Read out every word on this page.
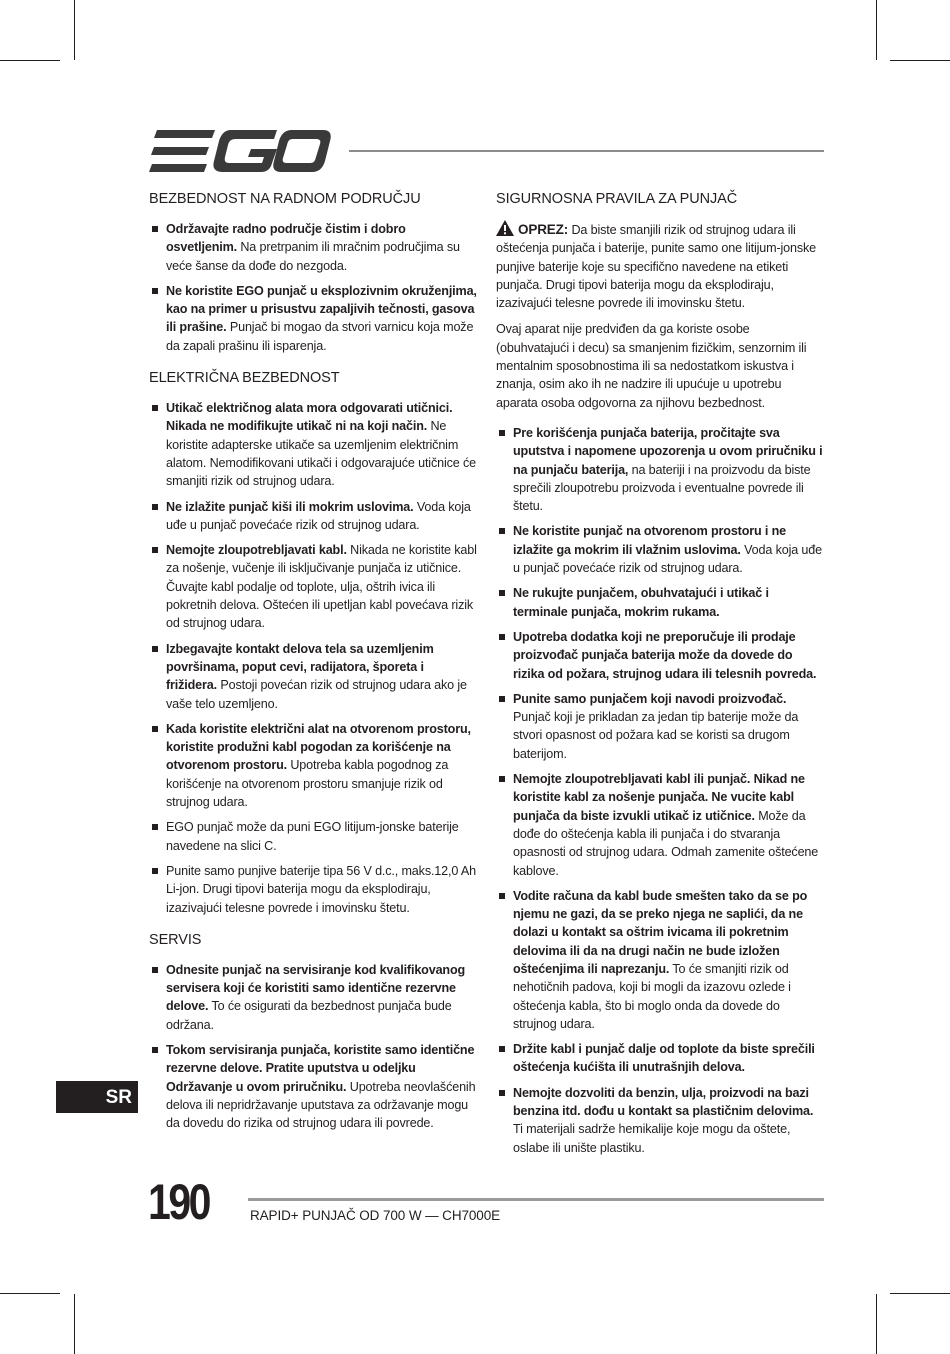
BEZBEDNOST NA RADNOM PODRUČJU
Održavajte radno područje čistim i dobro osvetljenim. Na pretrpanim ili mračnim područjima su veće šanse da dođe do nezgoda.
Ne koristite EGO punjač u eksplozivnim okruženjima, kao na primer u prisustvu zapaljivih tečnosti, gasova ili prašine. Punjač bi mogao da stvori varnicu koja može da zapali prašinu ili isparenja.
ELEKTRIČNA BEZBEDNOST
Utikač električnog alata mora odgovarati utičnici. Nikada ne modifikujte utikač ni na koji način. Ne koristite adapterske utikače sa uzemljenim električnim alatom. Nemodifikovani utikači i odgovarajuće utičnice će smanjiti rizik od strujnog udara.
Ne izlažite punjač kiši ili mokrim uslovima. Voda koja uđe u punjač povećaće rizik od strujnog udara.
Nemojte zloupotrebljavati kabl. Nikada ne koristite kabl za nošenje, vučenje ili isključivanje punjača iz utičnice. Čuvajte kabl podalje od toplote, ulja, oštrih ivica ili pokretnih delova. Oštećen ili upetljan kabl povećava rizik od strujnog udara.
Izbegavajte kontakt delova tela sa uzemljenim površinama, poput cevi, radijatora, šporeta i frižidera. Postoji povećan rizik od strujnog udara ako je vaše telo uzemljeno.
Kada koristite električni alat na otvorenom prostoru, koristite produžni kabl pogodan za korišćenje na otvorenom prostoru. Upotreba kabla pogodnog za korišćenje na otvorenom prostoru smanjuje rizik od strujnog udara.
EGO punjač može da puni EGO litijum-jonske baterije navedene na slici C.
Punite samo punjive baterije tipa 56 V d.c., maks.12,0 Ah Li-jon. Drugi tipovi baterija mogu da eksplodiraju, izazivajući telesne povrede i imovinsku štetu.
SERVIS
Odnesite punjač na servisiranje kod kvalifikovanog servisera koji će koristiti samo identične rezervne delove. To će osigurati da bezbednost punjača bude održana.
Tokom servisiranja punjača, koristite samo identične rezervne delove. Pratite uputstva u odeljku Održavanje u ovom priručniku. Upotreba neovlašćenih delova ili nepridržavanje uputstava za održavanje mogu da dovedu do rizika od strujnog udara ili povrede.
SIGURNOSNA PRAVILA ZA PUNJAČ

OPREZ: Da biste smanjili rizik od strujnog udara ili oštećenja punjača i baterije, punite samo one litijum-jonske punjive baterije koje su specifično navedene na etiketi punjača. Drugi tipovi baterija mogu da eksplodiraju, izazivajući telesne povrede ili imovinsku štetu.

Ovaj aparat nije predviđen da ga koriste osobe (obuhvatajući i decu) sa smanjenim fizičkim, senzornim ili mentalnim sposobnostima ili sa nedostatkom iskustva i znanja, osim ako ih ne nadzire ili upućuje u upotrebu aparata osoba odgovorna za njihovu bezbednost.

Pre korišćenja punjača baterija, pročitajte sva uputstva i napomene upozorenja u ovom priručniku i na punjaču baterija, na bateriji i na proizvodu da biste sprečili zloupotrebu proizvoda i eventualne povrede ili štetu.
Ne koristite punjač na otvorenom prostoru i ne izlažite ga mokrim ili vlažnim uslovima. Voda koja uđe u punjač povećaće rizik od strujnog udara.
Ne rukujte punjačem, obuhvatajući i utikač i terminale punjača, mokrim rukama.
Upotreba dodatka koji ne preporučuje ili prodaje proizvođač punjača baterija može da dovede do rizika od požara, strujnog udara ili telesnih povreda.
Punite samo punjačem koji navodi proizvođač. Punjač koji je prikladan za jedan tip baterije može da stvori opasnost od požara kad se koristi sa drugom baterijom.
Nemojte zloupotrebljavati kabl ili punjač. Nikad ne koristite kabl za nošenje punjača. Ne vucite kabl punjača da biste izvukli utikač iz utičnice. Može da dođe do oštećenja kabla ili punjača i do stvaranja opasnosti od strujnog udara. Odmah zamenite oštećene kablove.
Vodite računa da kabl bude smešten tako da se po njemu ne gazi, da se preko njega ne saplići, da ne dolazi u kontakt sa oštrim ivicama ili pokretnim delovima ili da na drugi način ne bude izložen oštećenjima ili naprezanju. To će smanjiti rizik od nehotičnih padova, koji bi mogli da izazovu ozlede i oštećenja kabla, što bi moglo onda da dovede do strujnog udara.
Držite kabl i punjač dalje od toplote da biste sprečili oštećenja kućišta ili unutrašnjih delova.
Nemojte dozvoliti da benzin, ulja, proizvodi na bazi benzina itd. dođu u kontakt sa plastičnim delovima. Ti materijali sadrže hemikalije koje mogu da oštete, oslabe ili unište plastiku.
SR
190	RAPID+ PUNJAČ OD 700 W — CH7000E
